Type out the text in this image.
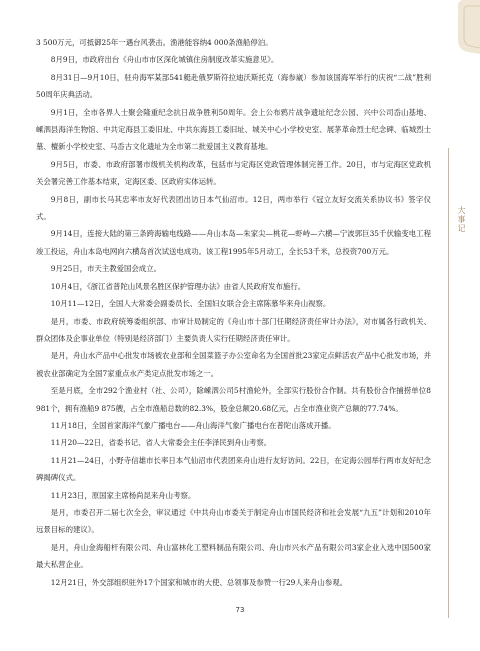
3 500万元，可抵御25年一遇台风袭击。渔港能容纳4 000条渔船停泊。

8月9日，市政府出台《舟山市市区深化城镇住房制度改革实施意见》。

8月31日—9月10日，驻舟海军某部541艇赴俄罗斯符拉迪沃斯托克（海参崴）参加该国海军举行的庆祝“二战”胜利50周年庆典活动。

9月1日，全市各界人士聚会隆重纪念抗日战争胜利50周年。会上公布鸦片战争遗址纪念公园、兴中公司岙山基地、嵊泗县海洋生物馆、中共定海县工委旧址、中共东海县工委旧址、城关中心小学校史室、展茅革命烈士纪念碑、临城烈士墓、檀新小学校史室、马岙古文化遗址为全市第二批爱国主义教育基地。

9月5日，市委、市政府部署市级机关机构改革，包括市与定海区党政管理体制完善工作。20日，市与定海区党政机关会署完善工作基本结束，定海区委、区政府实体运转。

9月8日，副市长马其忠率市友好代表团出访日本气仙沼市。12日，两市举行《冠立友好交流关系协议书》签字仪式。

9月14日，连接大陆的第三条跨海输电线路——舟山本岛—朱家尖—桃花—虾峙—六横—宁波郭巨35千伏输变电工程竣工投运，舟山本岛电网向六横岛首次试送电成功。该工程1995年5月动工，全长53千米，总投资700万元。

9月25日，市天主教爱国会成立。

10月4日，《浙江省普陀山风景名胜区保护管理办法》由省人民政府发布施行。

10月11—12日，全国人大常委会副委员长、全国妇女联合会主席陈慕华来舟山视察。

是月，市委、市政府统筹委组织部、市审计局制定的《舟山市十部门任期经济责任审计办法》，对市属各行政机关、群众团体及企事业单位（特别是经济部门）主要负责人实行任期经济责任审计。

是月，舟山水产品中心批发市场被农业部和全国菜篮子办公室命名为全国首批23家定点鲜活农产品中心批发市场，并被农业部确定为全国7家重点水产类定点批发市场之一。

至是月底，全市292个渔业村（社、公司），除嵊泗公司5村渔轮外，全部实行股份合作制。共有股份合作捕捞单位8 981个，拥有渔船9 875艘，占全市渔船总数的82.3%，股金总额20.68亿元，占全市渔业资产总额的77.74%。

11月18日，全国首家海洋气象广播电台——舟山海洋气象广播电台在普陀山落成开播。

11月20—22日，省委书记、省人大常委会主任李泽民到舟山考察。

11月21—24日，小野寺信雄市长率日本气仙沼市代表团来舟山进行友好访问。22日，在定海公园举行两市友好纪念碑揭碑仪式。

11月23日，原国家主席杨尚昆来舟山考察。

是月，市委召开二届七次全会，审议通过《中共舟山市委关于制定舟山市国民经济和社会发展“九五”计划和2010年远景目标的建议》。

是月，舟山金海船杆有限公司、舟山富林化工塑料制品有限公司、舟山市兴水产品有限公司3家企业入选中国500家最大私营企业。

12月21日，外交部组织驻外17个国家和城市的大使、总领事及参赞一行29人来舟山参观。

大事记
73
